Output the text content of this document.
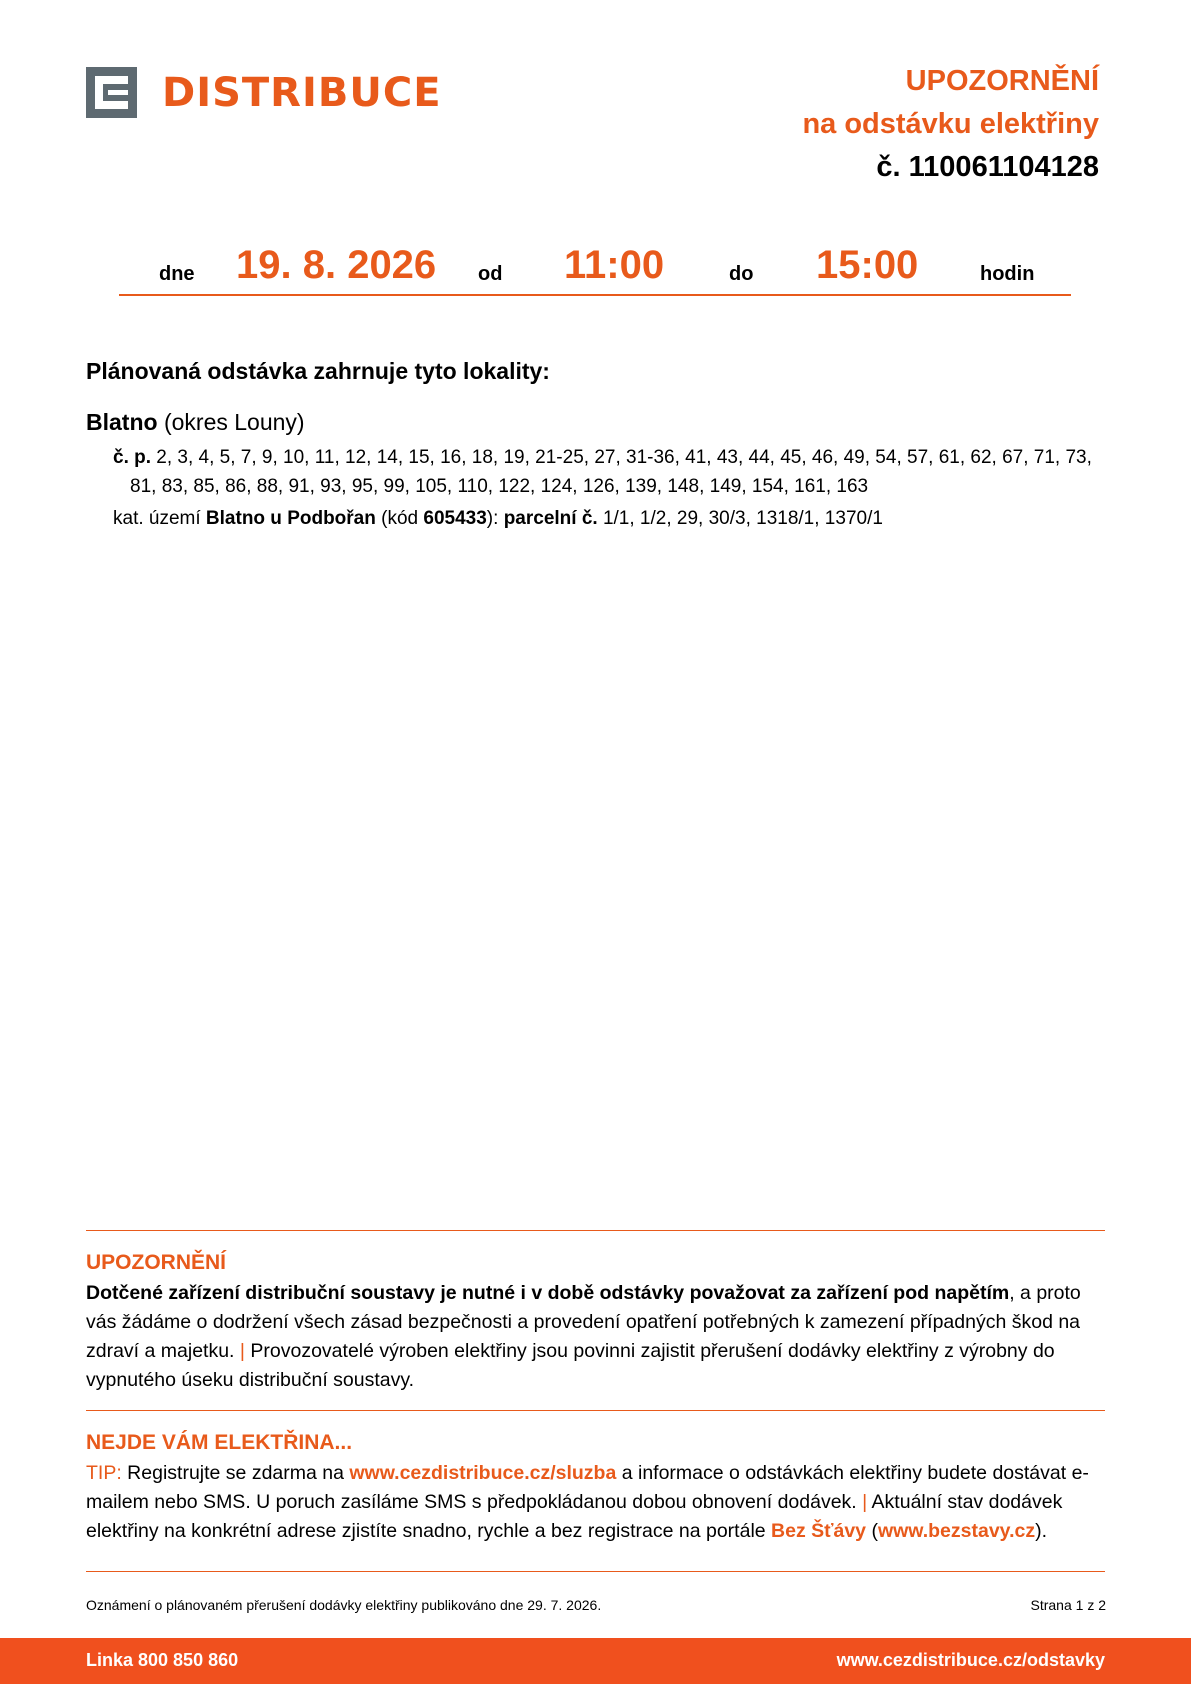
DISTRIBUCE	UPOZORNĚNÍ
na odstávku elektřiny
č. 110061104128
dne 19. 8. 2026 od 11:00	do 15:00	hodin
Plánovaná odstávka zahrnuje tyto lokality:
Blatno (okres Louny)
č. p. 2, 3, 4, 5, 7, 9, 10, 11, 12, 14, 15, 16, 18, 19, 21-25, 27, 31-36, 41, 43, 44, 45, 46, 49, 54, 57, 61, 62, 67, 71, 73, 81, 83, 85, 86, 88, 91, 93, 95, 99, 105, 110, 122, 124, 126, 139, 148, 149, 154, 161, 163
kat. území Blatno u Podbořan (kód 605433): parcelní č. 1/1, 1/2, 29, 30/3, 1318/1, 1370/1
UPOZORNĚNÍ
Dotčené zařízení distribuční soustavy je nutné i v době odstávky považovat za zařízení pod napětím, a proto vás žádáme o dodržení všech zásad bezpečnosti a provedení opatření potřebných k zamezení případných škod na zdraví a majetku. | Provozovatelé výroben elektřiny jsou povinni zajistit přerušení dodávky elektřiny z výrobny do vypnutého úseku distribuční soustavy.
NEJDE VÁM ELEKTŘINA...
TIP: Registrujte se zdarma na www.cezdistribuce.cz/sluzba a informace o odstávkách elektřiny budete dostávat e-mailem nebo SMS. U poruch zasíláme SMS s předpokládanou dobou obnovení dodávek. | Aktuální stav dodávek elektřiny na konkrétní adrese zjistíte snadno, rychle a bez registrace na portále Bez Šťávy (www.bezstavy.cz).
Oznámení o plánovaném přerušení dodávky elektřiny publikováno dne 29. 7. 2026.	Strana 1 z 2
Linka 800 850 860	www.cezdistribuce.cz/odstavky
